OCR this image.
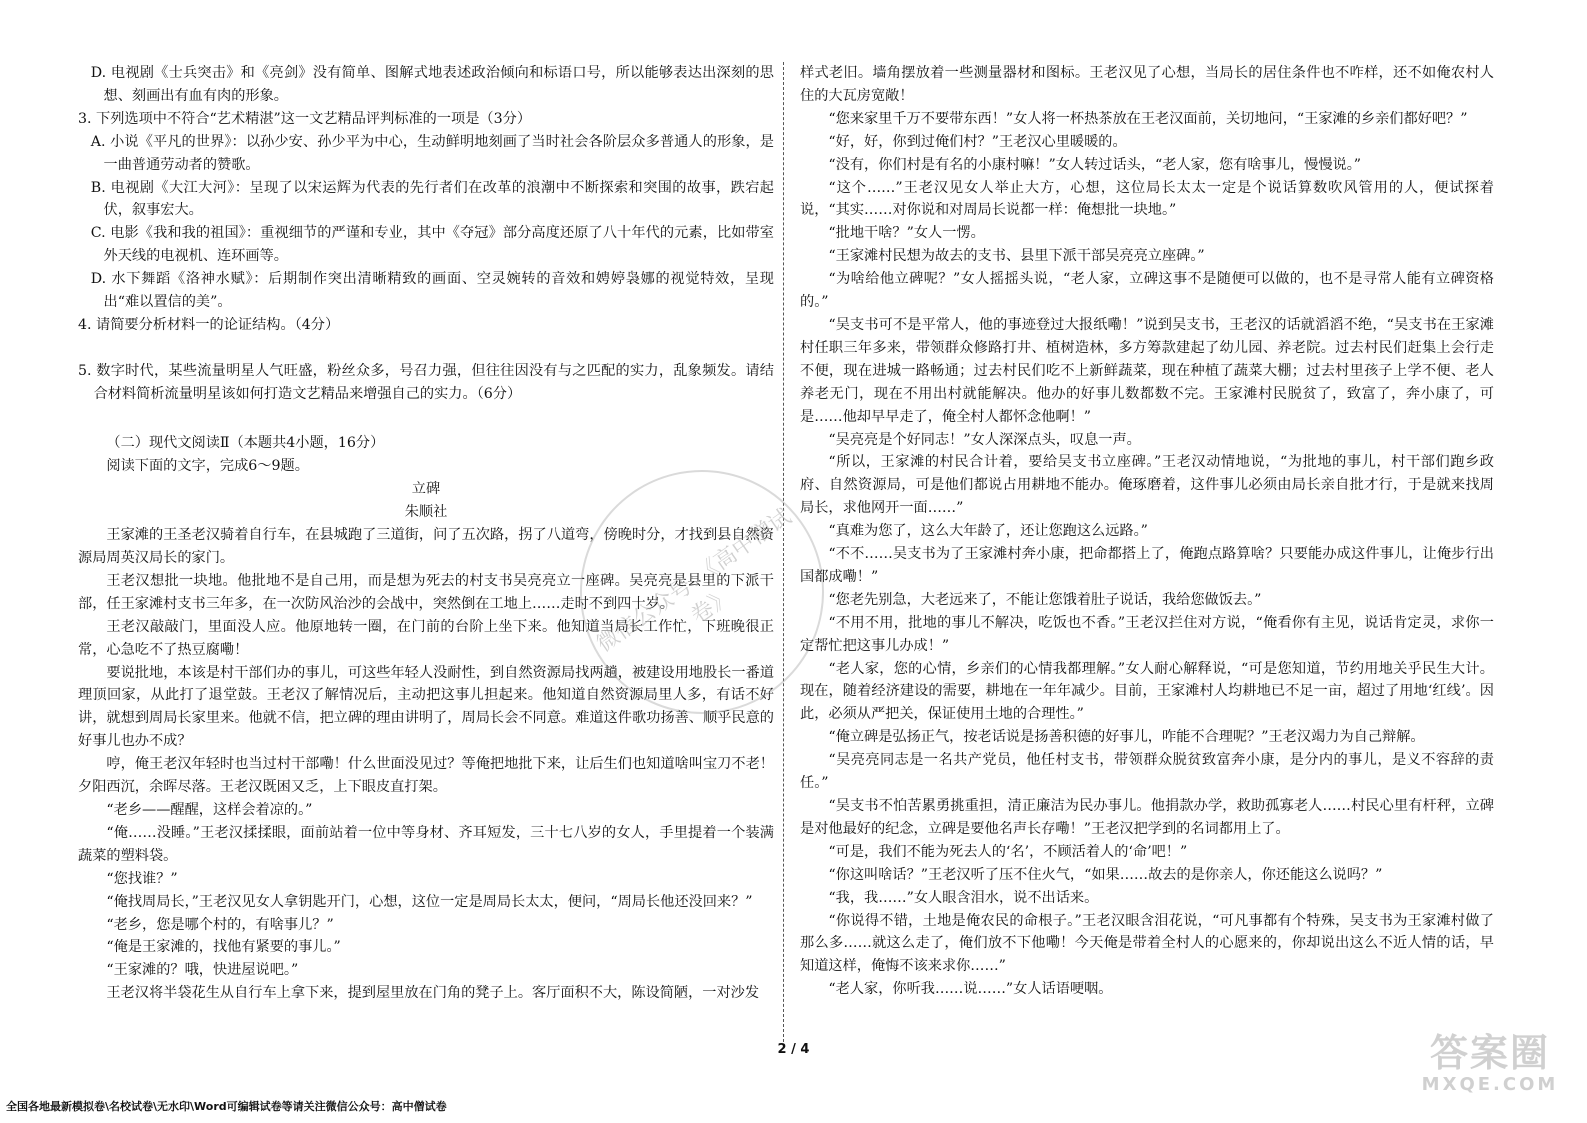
D. 电视剧《士兵突击》和《亮剑》没有简单、图解式地表述政治倾向和标语口号，所以能够表达出深刻的思想、刻画出有血有肉的形象。

3. 下列选项中不符合“艺术精湛”这一文艺精品评判标准的一项是（3分）

A. 小说《平凡的世界》：以孙少安、孙少平为中心，生动鲜明地刻画了当时社会各阶层众多普通人的形象，是一曲普通劳动者的赞歌。

B. 电视剧《大江大河》：呈现了以宋运辉为代表的先行者们在改革的浪潮中不断探索和突围的故事，跌宕起伏，叙事宏大。

C. 电影《我和我的祖国》：重视细节的严谨和专业，其中《夺冠》部分高度还原了八十年代的元素，比如带室外天线的电视机、连环画等。

D. 水下舞蹈《洛神水赋》：后期制作突出清晰精致的画面、空灵婉转的音效和娉婷袅娜的视觉特效，呈现出“难以置信的美”。

4. 请简要分析材料一的论证结构。（4分）

5. 数字时代，某些流量明星人气旺盛，粉丝众多，号召力强，但往往因没有与之匹配的实力，乱象频发。请结合材料简析流量明星该如何打造文艺精品来增强自己的实力。（6分）

（二）现代文阅读Ⅱ（本题共4小题，16分）

阅读下面的文字，完成6～9题。

立碑

朱顺社

王家滩的王圣老汉骑着自行车，在县城跑了三道街，问了五次路，拐了八道弯，傍晚时分，才找到县自然资源局周英汉局长的家门。

王老汉想批一块地。他批地不是自己用，而是想为死去的村支书吴亮亮立一座碑。吴亮亮是县里的下派干部，任王家滩村支书三年多，在一次防风治沙的会战中，突然倒在工地上……走时不到四十岁。

王老汉敲敲门，里面没人应。他原地转一圈，在门前的台阶上坐下来。他知道当局长工作忙，下班晚很正常，心急吃不了热豆腐嘞！

要说批地，本该是村干部们办的事儿，可这些年轻人没耐性，到自然资源局找两趟，被建设用地股长一番道理顶回家，从此打了退堂鼓。王老汉了解情况后，主动把这事儿担起来。他知道自然资源局里人多，有话不好讲，就想到周局长家里来。他就不信，把立碑的理由讲明了，周局长会不同意。难道这件歌功扬善、顺乎民意的好事儿也办不成？

哼，俺王老汉年轻时也当过村干部嘞！什么世面没见过？等俺把地批下来，让后生们也知道啥叫宝刀不老！夕阳西沉，余晖尽落。王老汉既困又乏，上下眼皮直打架。

“老乡——醒醒，这样会着凉的。”

“俺……没睡。”王老汉揉揉眼，面前站着一位中等身材、齐耳短发，三十七八岁的女人，手里提着一个装满蔬菜的塑料袋。

“您找谁？”

“俺找周局长，”王老汉见女人拿钥匙开门，心想，这位一定是周局长太太，便问，“周局长他还没回来？”

“老乡，您是哪个村的，有啥事儿？”

“俺是王家滩的，找他有紧要的事儿。”

“王家滩的？哦，快进屋说吧。”

王老汉将半袋花生从自行车上拿下来，提到屋里放在门角的凳子上。客厅面积不大，陈设简陋，一对沙发

样式老旧。墙角摆放着一些测量器材和图标。王老汉见了心想，当局长的居住条件也不咋样，还不如俺农村人住的大瓦房宽敞！

“您来家里千万不要带东西！”女人将一杯热茶放在王老汉面前，关切地问，“王家滩的乡亲们都好吧？”

“好，好，你到过俺们村？”王老汉心里暖暖的。

“没有，你们村是有名的小康村嘛！”女人转过话头，“老人家，您有啥事儿，慢慢说。”

“这个……”王老汉见女人举止大方，心想，这位局长太太一定是个说话算数吹风管用的人，便试探着说，“其实……对你说和对周局长说都一样：俺想批一块地。”

“批地干啥？”女人一愣。

“王家滩村民想为故去的支书、县里下派干部吴亮亮立座碑。”

“为啥给他立碑呢？”女人摇摇头说，“老人家，立碑这事不是随便可以做的，也不是寻常人能有立碑资格的。”

“吴支书可不是平常人，他的事迹登过大报纸嘞！”说到吴支书，王老汉的话就滔滔不绝，“吴支书在王家滩村任职三年多来，带领群众修路打井、植树造林，多方筹款建起了幼儿园、养老院。过去村民们赶集上会行走不便，现在进城一路畅通；过去村民们吃不上新鲜蔬菜，现在种植了蔬菜大棚；过去村里孩子上学不便、老人养老无门，现在不用出村就能解决。他办的好事儿数都数不完。王家滩村民脱贫了，致富了，奔小康了，可是……他却早早走了，俺全村人都怀念他啊！”

“吴亮亮是个好同志！”女人深深点头，叹息一声。

“所以，王家滩的村民合计着，要给吴支书立座碑。”王老汉动情地说，“为批地的事儿，村干部们跑乡政府、自然资源局，可是他们都说占用耕地不能办。俺琢磨着，这件事儿必须由局长亲自批才行，于是就来找周局长，求他网开一面……”

“真难为您了，这么大年龄了，还让您跑这么远路。”

“不不……吴支书为了王家滩村奔小康，把命都搭上了，俺跑点路算啥？只要能办成这件事儿，让俺步行出国都成嘞！”

“您老先别急，大老远来了，不能让您饿着肚子说话，我给您做饭去。”

“不用不用，批地的事儿不解决，吃饭也不香。”王老汉拦住对方说，“俺看你有主见，说话肯定灵，求你一定帮忙把这事儿办成！”

“老人家，您的心情，乡亲们的心情我都理解。”女人耐心解释说，“可是您知道，节约用地关乎民生大计。现在，随着经济建设的需要，耕地在一年年减少。目前，王家滩村人均耕地已不足一亩，超过了用地‘红线’。因此，必须从严把关，保证使用土地的合理性。”

“俺立碑是弘扬正气，按老话说是扬善积德的好事儿，咋能不合理呢？”王老汉竭力为自己辩解。

“吴亮亮同志是一名共产党员，他任村支书，带领群众脱贫致富奔小康，是分内的事儿，是义不容辞的责任。”

“吴支书不怕苦累勇挑重担，清正廉洁为民办事儿。他捐款办学，救助孤寡老人……村民心里有杆秤，立碑是对他最好的纪念，立碑是要他名声长存嘞！”王老汉把学到的名词都用上了。

“可是，我们不能为死去人的‘名’，不顾活着人的‘命’吧！”

“你这叫啥话？”王老汉听了压不住火气，“如果……故去的是你亲人，你还能这么说吗？”

“我，我……”女人眼含泪水，说不出话来。

“你说得不错，土地是俺农民的命根子。”王老汉眼含泪花说，“可凡事都有个特殊，吴支书为王家滩村做了那么多……就这么走了，俺们放不下他嘞！今天俺是带着全村人的心愿来的，你却说出这么不近人情的话，早知道这样，俺悔不该来求你……”

“老人家，你听我……说……”女人话语哽咽。

微信公众号：《高中僧试卷》
答案圈
MXQE.COM
2 / 4
全国各地最新模拟卷\名校试卷\无水印\Word可编辑试卷等请关注微信公众号：高中僧试卷
